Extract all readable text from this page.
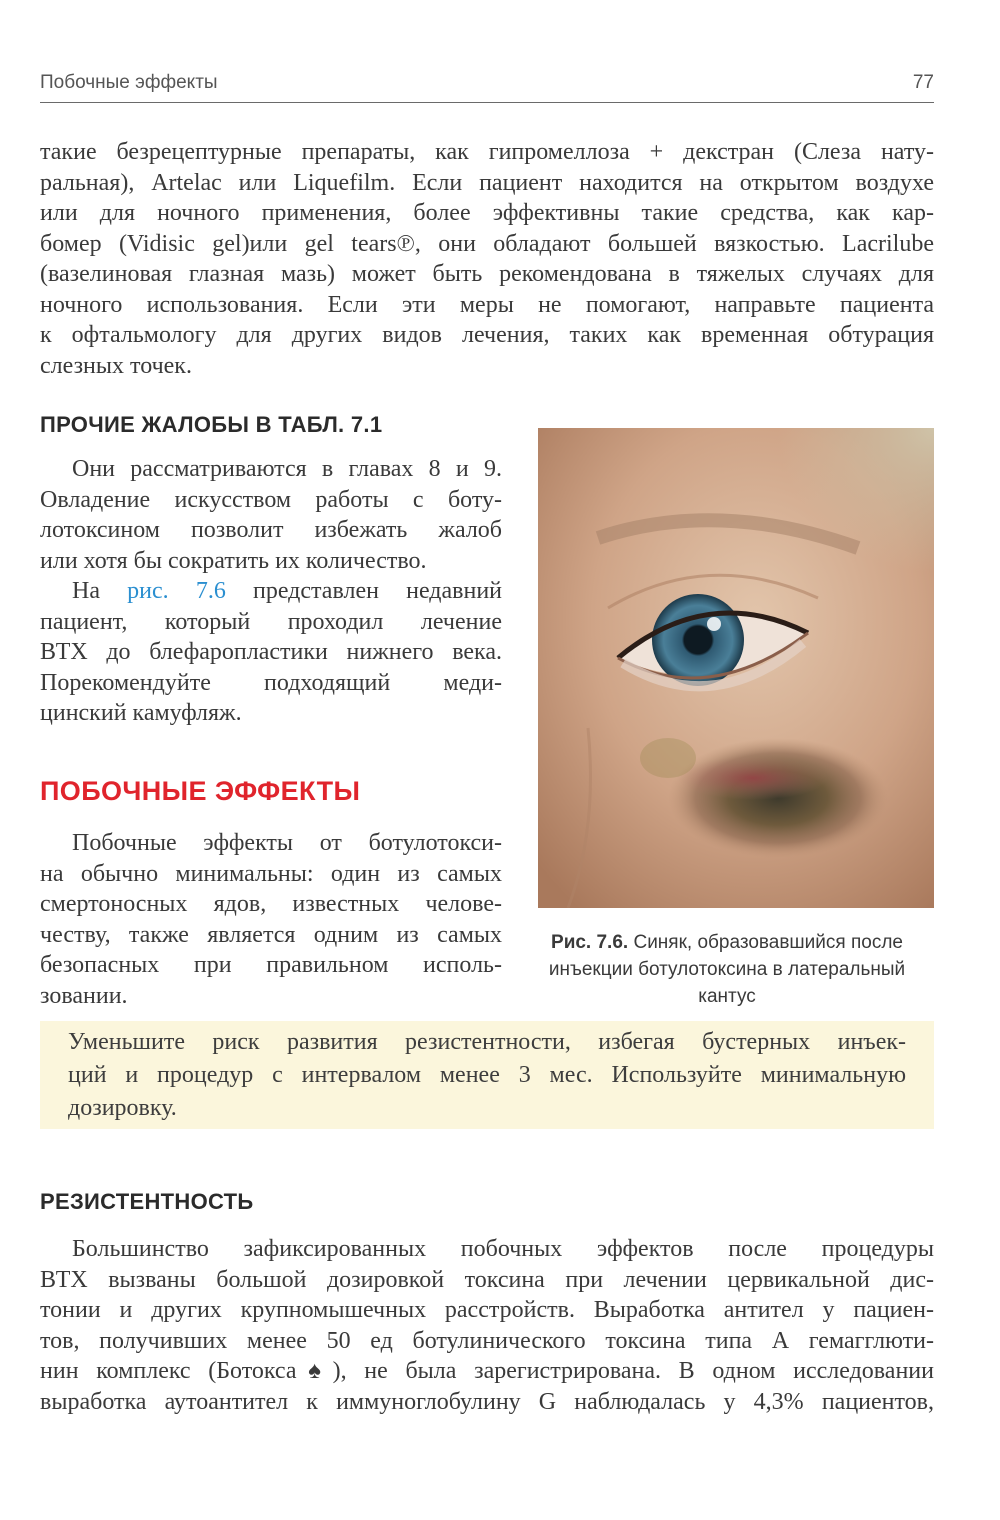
Побочные эффекты	77

такие безрецептурные препараты, как гипромеллоза + декстран (Слеза нату-
ральная), Artelac или Liquefilm. Если пациент находится на открытом воздухе
или для ночного применения, более эффективны такие средства, как кар-
бомер (Vidisic gel)или gel tears℗, они обладают большей вязкостью. Lacrilube
(вазелиновая глазная мазь) может быть рекомендована в тяжелых случаях для
ночного использования. Если эти меры не помогают, направьте пациента
к офтальмологу для других видов лечения, таких как временная обтурация
слезных точек.

ПРОЧИЕ ЖАЛОБЫ В ТАБЛ. 7.1

Они рассматриваются в главах 8 и 9.
Овладение искусством работы с боту-
лотоксином позволит избежать жалоб
или хотя бы сократить их количество.

На рис. 7.6 представлен недавний
пациент, который проходил лечение
ВТХ до блефаропластики нижнего века.
Порекомендуйте подходящий меди-
цинский камуфляж.

ПОБОЧНЫЕ ЭФФЕКТЫ

Побочные эффекты от ботулотокси-
на обычно минимальны: один из самых
смертоносных ядов, известных челове-
честву, также является одним из самых
безопасных при правильном исполь-
зовании.

Рис. 7.6. Синяк, образовавшийся после
инъекции ботулотоксина в латеральный
кантус

Уменьшите риск развития резистентности, избегая бустерных инъек-
ций и процедур с интервалом менее 3 мес. Используйте минимальную
дозировку.

РЕЗИСТЕНТНОСТЬ

Большинство зафиксированных побочных эффектов после процедуры
ВТХ вызваны большой дозировкой токсина при лечении цервикальной дис-
тонии и других крупномышечных расстройств. Выработка антител у пациен-
тов, получивших менее 50 ед ботулинического токсина типа А гемагглюти-
нин комплекс (Ботокса♠), не была зарегистрирована. В одном исследовании
выработка аутоантител к иммуноглобулину G наблюдалась у 4,3% пациентов,
